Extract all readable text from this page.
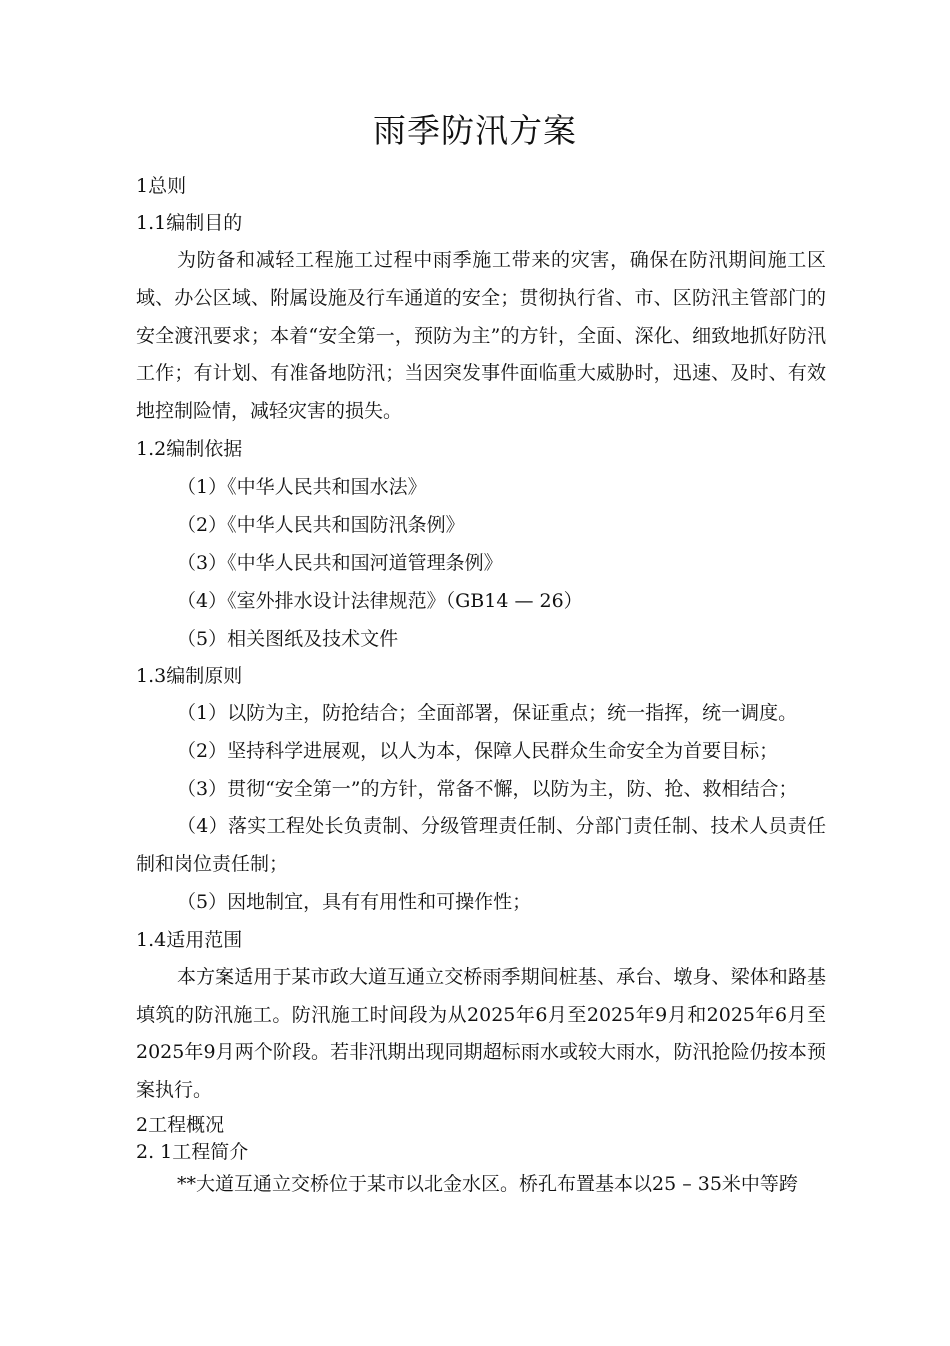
雨季防汛方案

1总则

1.1编制目的

为防备和减轻工程施工过程中雨季施工带来的灾害，确保在防汛期间施工区域、办公区域、附属设施及行车通道的安全；贯彻执行省、市、区防汛主管部门的安全渡汛要求；本着“安全第一，预防为主”的方针，全面、深化、细致地抓好防汛工作；有计划、有准备地防汛；当因突发事件面临重大威胁时，迅速、及时、有效地控制险情，减轻灾害的损失。

1.2编制依据

（1）《中华人民共和国水法》

（2）《中华人民共和国防汛条例》

（3）《中华人民共和国河道管理条例》

（4）《室外排水设计法律规范》（GB14 — 26）

（5）相关图纸及技术文件

1.3编制原则

（1）以防为主，防抢结合；全面部署，保证重点；统一指挥，统一调度。

（2）坚持科学进展观，以人为本，保障人民群众生命安全为首要目标；

（3）贯彻“安全第一”的方针，常备不懈，以防为主，防、抢、救相结合；

（4）落实工程处长负责制、分级管理责任制、分部门责任制、技术人员责任制和岗位责任制；

（5）因地制宜，具有有用性和可操作性；

1.4适用范围

本方案适用于某市政大道互通立交桥雨季期间桩基、承台、墩身、梁体和路基填筑的防汛施工。防汛施工时间段为从2025年6月至2025年9月和2025年6月至2025年9月两个阶段。若非汛期出现同期超标雨水或较大雨水，防汛抢险仍按本预案执行。

2工程概况

2. 1工程简介

**大道互通立交桥位于某市以北金水区。桥孔布置基本以25 – 35米中等跨
